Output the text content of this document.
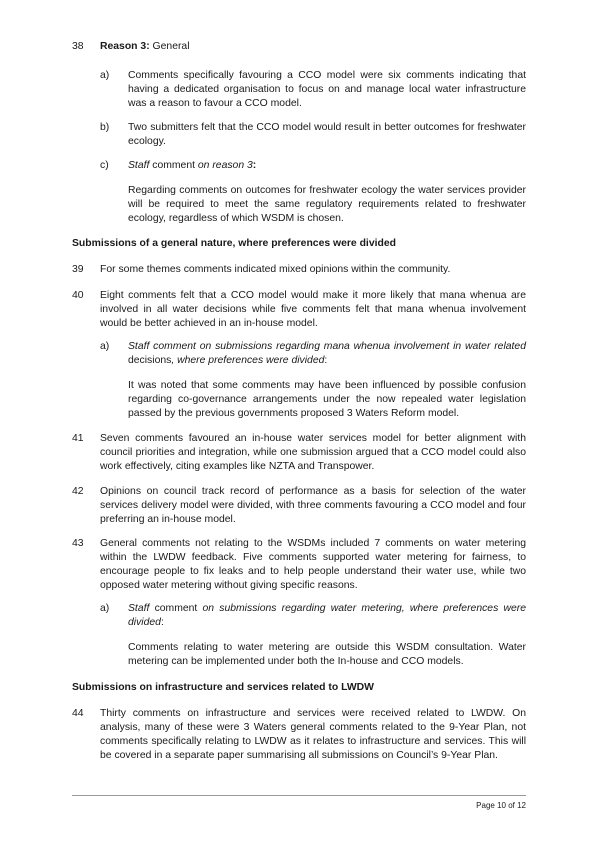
38	Reason 3: General

a)	Comments specifically favouring a CCO model were six comments indicating that having a dedicated organisation to focus on and manage local water infrastructure was a reason to favour a CCO model.

b)	Two submitters felt that the CCO model would result in better outcomes for freshwater ecology.

c)	Staff comment on reason 3:

Regarding comments on outcomes for freshwater ecology the water services provider will be required to meet the same regulatory requirements related to freshwater ecology, regardless of which WSDM is chosen.

Submissions of a general nature, where preferences were divided
39	For some themes comments indicated mixed opinions within the community.

40	Eight comments felt that a CCO model would make it more likely that mana whenua are involved in all water decisions while five comments felt that mana whenua involvement would be better achieved in an in-house model.

a)	Staff comment on submissions regarding mana whenua involvement in water related decisions, where preferences were divided:

It was noted that some comments may have been influenced by possible confusion regarding co-governance arrangements under the now repealed water legislation passed by the previous governments proposed 3 Waters Reform model.

41	Seven comments favoured an in-house water services model for better alignment with council priorities and integration, while one submission argued that a CCO model could also work effectively, citing examples like NZTA and Transpower.

42	Opinions on council track record of performance as a basis for selection of the water services delivery model were divided, with three comments favouring a CCO model and four preferring an in-house model.

43	General comments not relating to the WSDMs included 7 comments on water metering within the LWDW feedback. Five comments supported water metering for fairness, to encourage people to fix leaks and to help people understand their water use, while two opposed water metering without giving specific reasons.

a)	Staff comment on submissions regarding water metering, where preferences were divided:

Comments relating to water metering are outside this WSDM consultation. Water metering can be implemented under both the In-house and CCO models.

Submissions on infrastructure and services related to LWDW
44	Thirty comments on infrastructure and services were received related to LWDW. On analysis, many of these were 3 Waters general comments related to the 9-Year Plan, not comments specifically relating to LWDW as it relates to infrastructure and services. This will be covered in a separate paper summarising all submissions on Council’s 9-Year Plan.

Page 10 of 12
